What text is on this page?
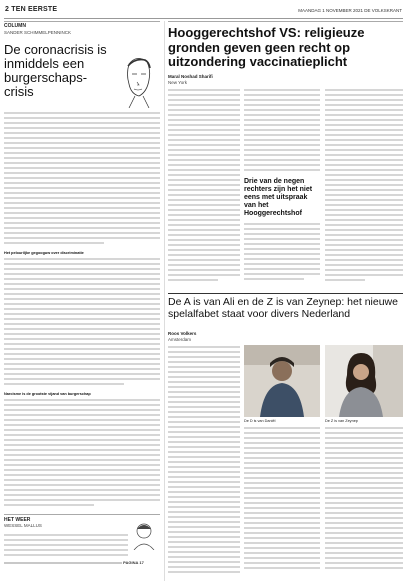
2 TEN EERSTE	MAANDAG 1 NOVEMBER 2021 DE VOLKSKRANT
COLUMN
SANDER SCHIMMELPENNINCK
De coronacrisis is inmiddels een burgerschaps-crisis

Het pelouriljke gegooguw over discriminatie
Narcisme is de grootste vijand van burgerschap
HET WEER
WESSEL MALLUS
PAGINA 17
Hooggerechtshof VS: religieuze gronden geven geen recht op uitzondering vaccinatieplicht
Maral Noshad Sharifi
New York
Drie van de negen rechters zijn het niet eens met uitspraak van het Hooggerechtshof
De A is van Ali en de Z is van Zeynep: het nieuwe spelalfabet staat voor divers Nederland
Roos Volkers
Amsterdam
De D is van Daniël	De Z is van Zeynep
